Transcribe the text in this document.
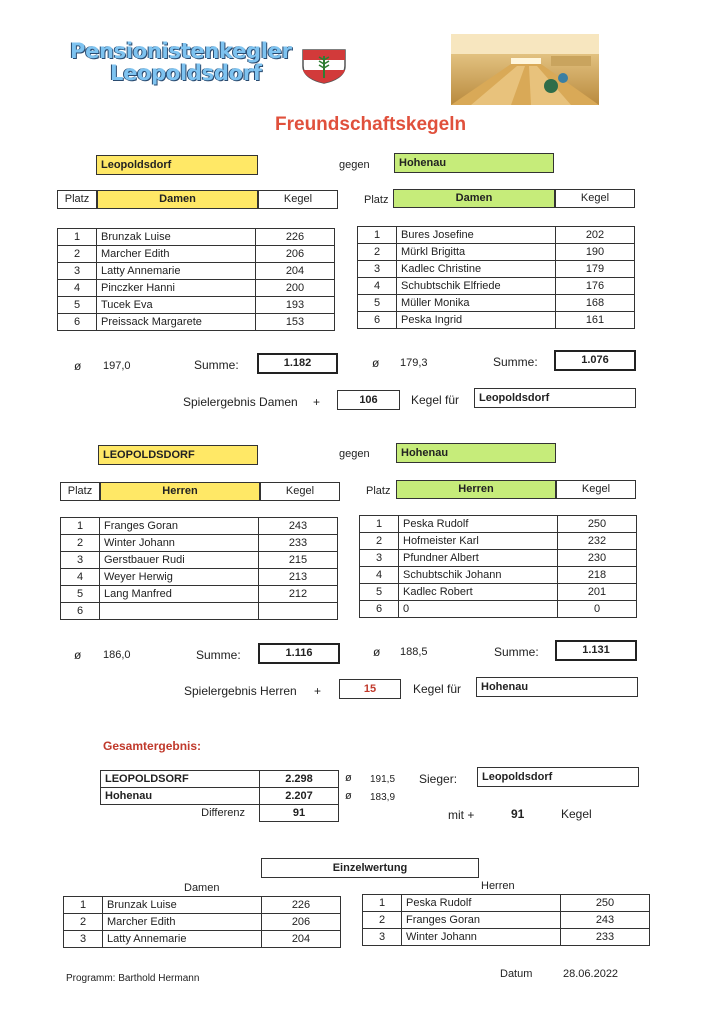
Pensionistenkegler
Leopoldsdorf
Freundschaftskegeln
Leopoldsdorf	gegen	Hohenau
Platz	Damen	Kegel	Platz	Damen	Kegel
1	Brunzak Luise	226
2	Marcher Edith	206
3	Latty Annemarie	204
4	Pinczker Hanni	200
5	Tucek Eva	193
6	Preissack Margarete	153
1	Bures Josefine	202
2	Mürkl Brigitta	190
3	Kadlec Christine	179
4	Schubtschik Elfriede	176
5	Müller Monika	168
6	Peska Ingrid	161
ø 197,0	Summe:	1.182	ø 179,3	Summe:	1.076
Spielergebnis Damen +	106	Kegel für	Leopoldsdorf
LEOPOLDSDORF	gegen	Hohenau
Platz	Herren	Kegel	Platz	Herren	Kegel
1	Franges Goran	243
2	Winter Johann	233
3	Gerstbauer Rudi	215
4	Weyer Herwig	213
5	Lang Manfred	212
6		
1	Peska Rudolf	250
2	Hofmeister Karl	232
3	Pfundner Albert	230
4	Schubtschik Johann	218
5	Kadlec Robert	201
6	0	0
ø 186,0	Summe:	1.116	ø 188,5	Summe:	1.131
Spielergebnis Herren +	15	Kegel für	Hohenau
Gesamtergebnis:
LEOPOLDSORF	2.298
Hohenau	2.207
Differenz	91
ø 191,5
ø 183,9
Sieger:	Leopoldsdorf
mit +	91	Kegel
Einzelwertung
Damen	Herren
1	Brunzak Luise	226
2	Marcher Edith	206
3	Latty Annemarie	204
1	Peska Rudolf	250
2	Franges Goran	243
3	Winter Johann	233
Programm: Barthold Hermann	Datum	28.06.2022
